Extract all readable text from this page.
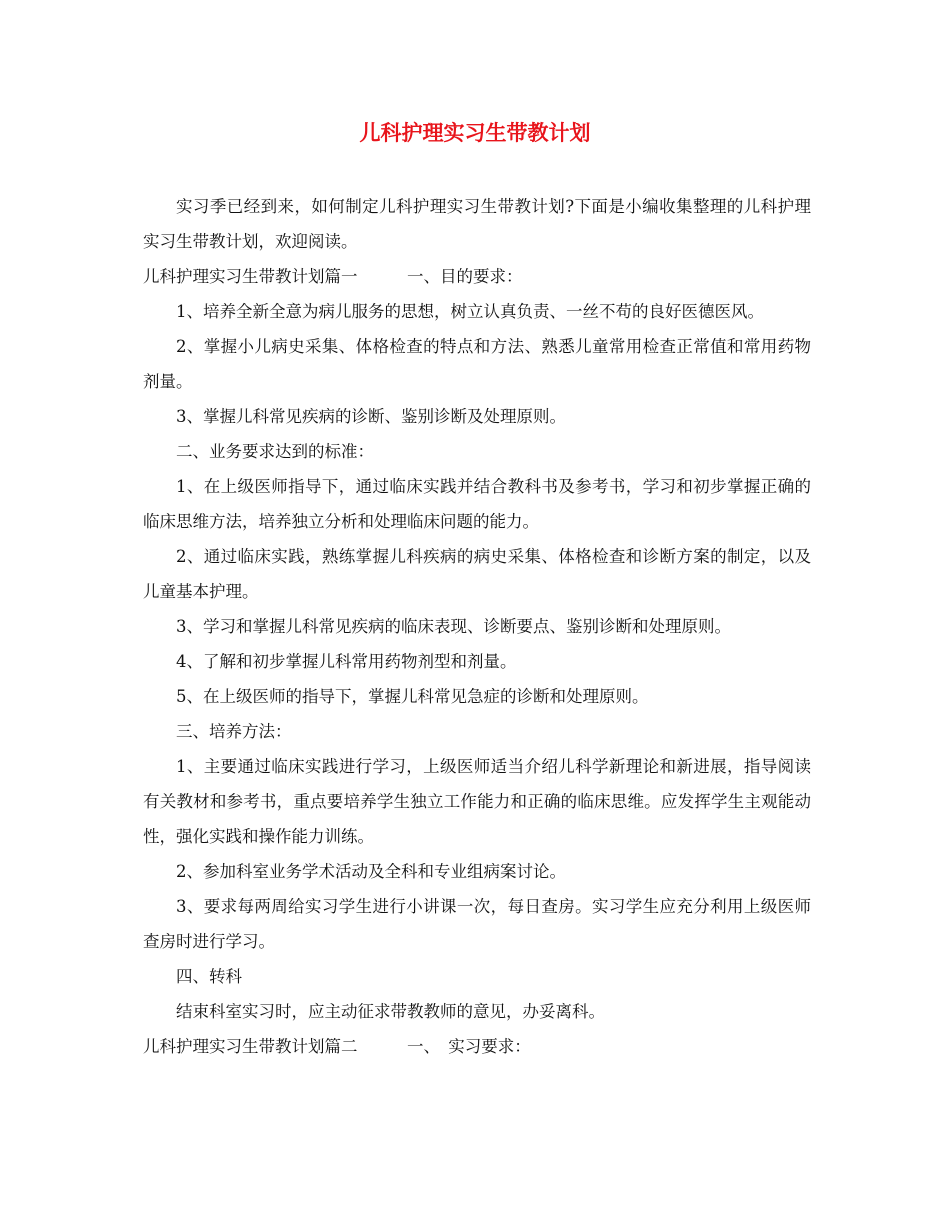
儿科护理实习生带教计划

实习季已经到来，如何制定儿科护理实习生带教计划?下面是小编收集整理的儿科护理实习生带教计划，欢迎阅读。

儿科护理实习生带教计划篇一　　　一、目的要求：

1、培养全新全意为病儿服务的思想，树立认真负责、一丝不苟的良好医德医风。

2、掌握小儿病史采集、体格检查的特点和方法、熟悉儿童常用检查正常值和常用药物剂量。

3、掌握儿科常见疾病的诊断、鉴别诊断及处理原则。

二、业务要求达到的标准：

1、在上级医师指导下，通过临床实践并结合教科书及参考书，学习和初步掌握正确的临床思维方法，培养独立分析和处理临床问题的能力。

2、通过临床实践，熟练掌握儿科疾病的病史采集、体格检查和诊断方案的制定，以及儿童基本护理。

3、学习和掌握儿科常见疾病的临床表现、诊断要点、鉴别诊断和处理原则。

4、了解和初步掌握儿科常用药物剂型和剂量。

5、在上级医师的指导下，掌握儿科常见急症的诊断和处理原则。

三、培养方法：

1、主要通过临床实践进行学习，上级医师适当介绍儿科学新理论和新进展，指导阅读有关教材和参考书，重点要培养学生独立工作能力和正确的临床思维。应发挥学生主观能动性，强化实践和操作能力训练。

2、参加科室业务学术活动及全科和专业组病案讨论。

3、要求每两周给实习学生进行小讲课一次，每日查房。实习学生应充分利用上级医师查房时进行学习。

四、转科

结束科室实习时，应主动征求带教教师的意见，办妥离科。

儿科护理实习生带教计划篇二　　　一、　实习要求：
